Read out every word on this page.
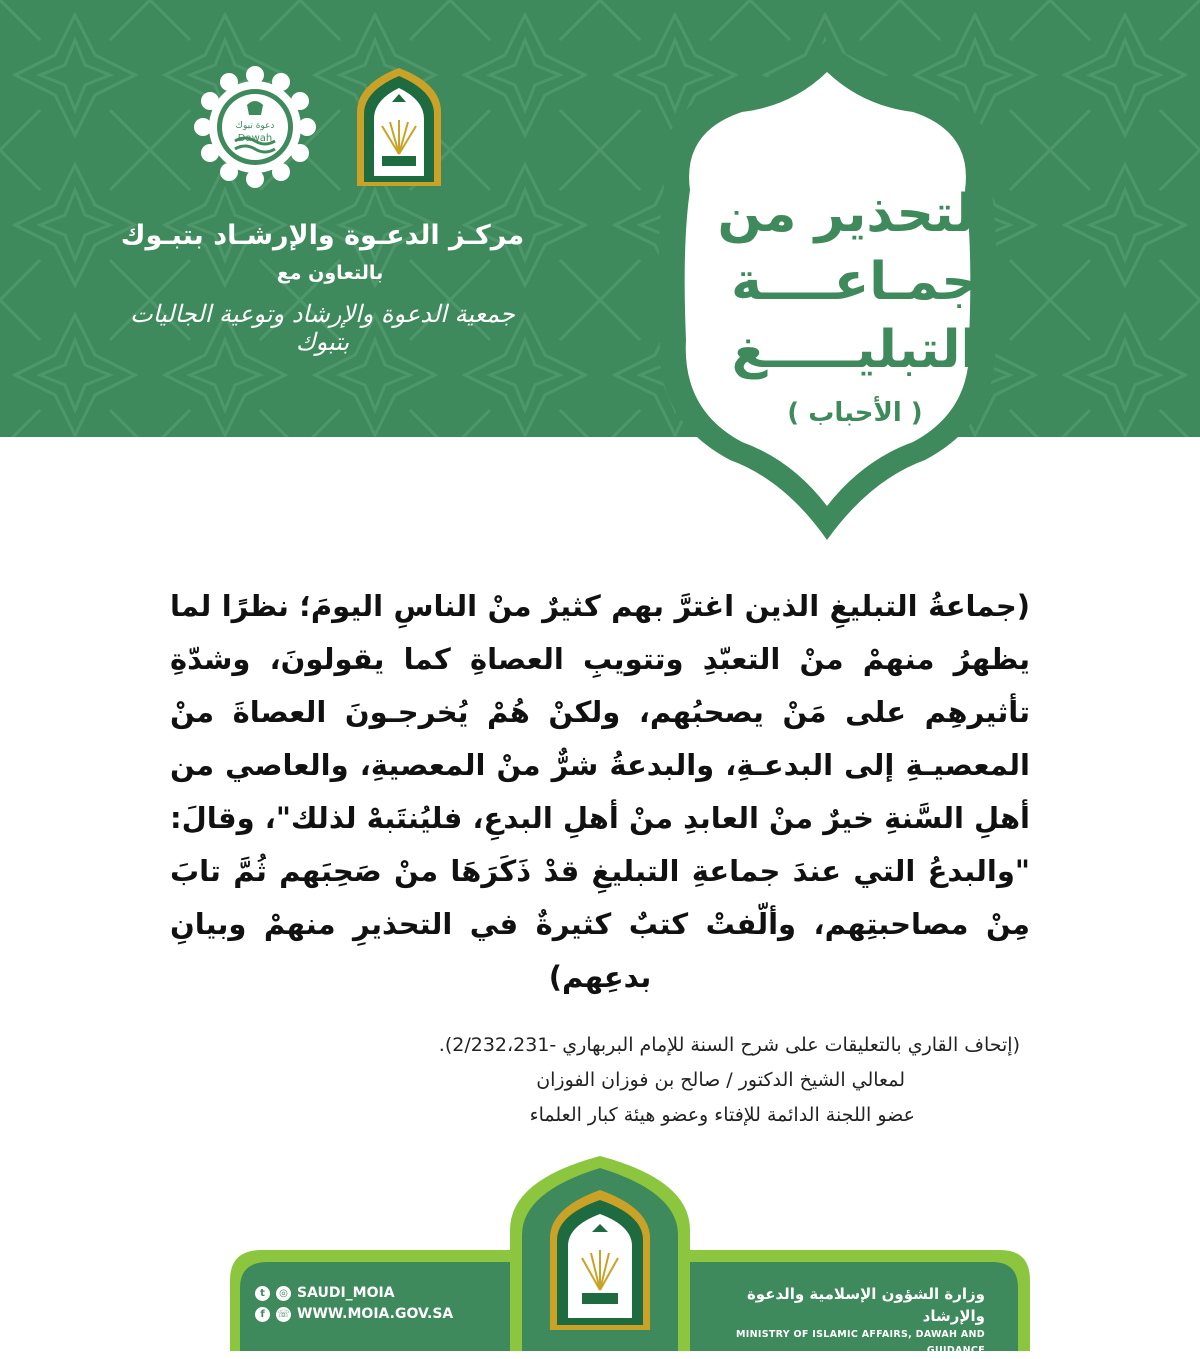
دعوة تبوك
Dawah
مركـز الدعـوة والإرشـاد بتبـوك
بالتعاون مع
جمعية الدعوة والإرشاد وتوعية الجاليات بتبوك
التحذير من
جمـاعــــة
التبليـــــغ
( الأحباب )
(جماعةُ التبليغِ الذين اغترَّ بهم كثيرٌ منْ الناسِ اليومَ؛ نظرًا لما يظهرُ منهمْ منْ التعبّدِ وتتويبِ العصاةِ كما يقولونَ، وشدّةِ تأثيرهِم على مَنْ يصحبُهم، ولكنْ هُمْ يُخرجـونَ العصاةَ منْ المعصيـةِ إلى البدعـةِ، والبدعةُ شرٌّ منْ المعصيةِ، والعاصي من أهلِ السَّنةِ خيرٌ منْ العابدِ منْ أهلِ البدعِ، فليُنتَبهْ لذلك"، وقالَ: "والبدعُ التي عندَ جماعةِ التبليغِ قدْ ذَكَرَهَا منْ صَحِبَهم ثُمَّ تابَ مِنْ مصاحبتِهم، وألّفتْ كتبٌ كثيرةٌ في التحذيرِ منهمْ وبيانِ بدعِهم)
(إتحاف القاري بالتعليقات على شرح السنة للإمام البربهاري -2/232،231).
لمعالي الشيخ الدكتور / صالح بن فوزان الفوزان
عضو اللجنة الدائمة للإفتاء وعضو هيئة كبار العلماء
t	◎ SAUDI_MOIA
f	☏ WWW.MOIA.GOV.SA
وزارة الشؤون الإسلامية والدعوة والإرشاد
MINISTRY OF ISLAMIC AFFAIRS, DAWAH AND GUIDANCE
